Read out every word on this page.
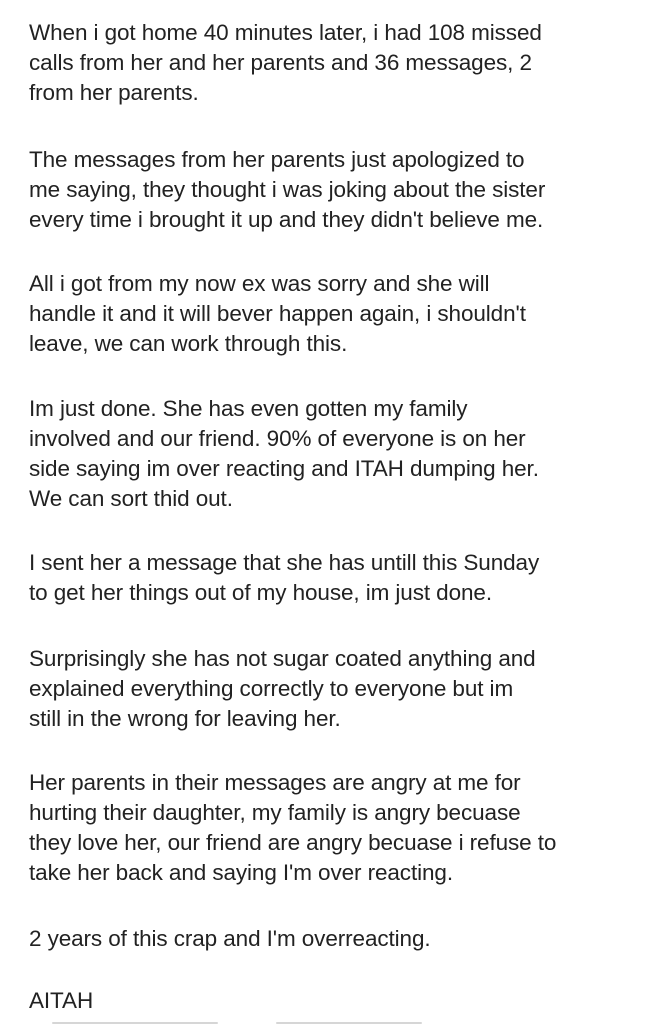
When i got home 40 minutes later, i had 108 missed
calls from her and her parents and 36 messages, 2
from her parents.

The messages from her parents just apologized to
me saying, they thought i was joking about the sister
every time i brought it up and they didn't believe me.

All i got from my now ex was sorry and she will
handle it and it will bever happen again, i shouldn't
leave, we can work through this.

Im just done. She has even gotten my family
involved and our friend. 90% of everyone is on her
side saying im over reacting and ITAH dumping her.
We can sort thid out.

I sent her a message that she has untill this Sunday
to get her things out of my house, im just done.

Surprisingly she has not sugar coated anything and
explained everything correctly to everyone but im
still in the wrong for leaving her.

Her parents in their messages are angry at me for
hurting their daughter, my family is angry becuase
they love her, our friend are angry becuase i refuse to
take her back and saying I'm over reacting.

2 years of this crap and I'm overreacting.

AITAH
